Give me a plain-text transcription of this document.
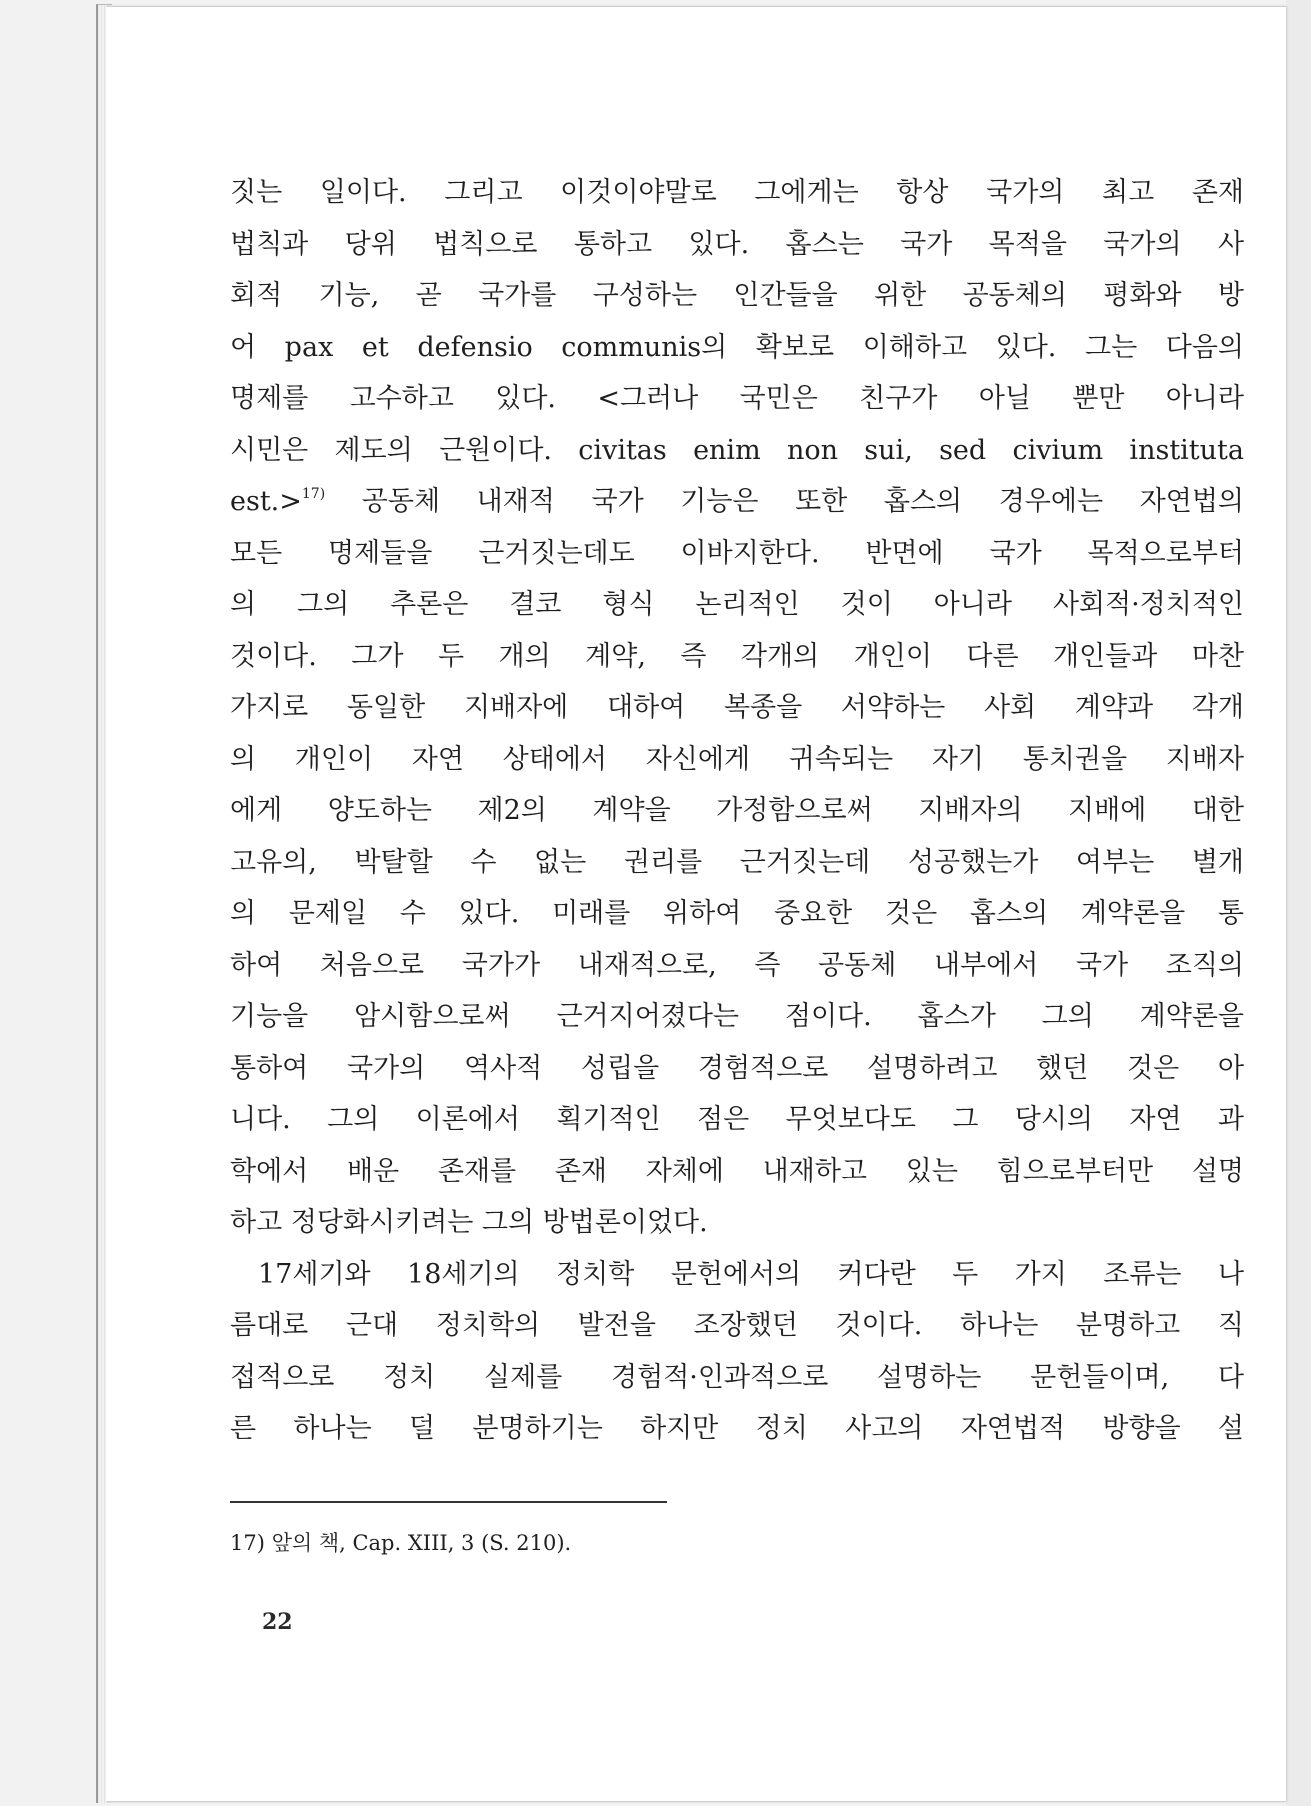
짓는 일이다. 그리고 이것이야말로 그에게는 항상 국가의 최고 존재
법칙과 당위 법칙으로 통하고 있다. 홉스는 국가 목적을 국가의 사
회적 기능, 곧 국가를 구성하는 인간들을 위한 공동체의 평화와 방
어 pax et defensio communis의 확보로 이해하고 있다. 그는 다음의
명제를 고수하고 있다. <그러나 국민은 친구가 아닐 뿐만 아니라
시민은 제도의 근원이다. civitas enim non sui, sed civium instituta
est.>$^{17)}$ 공동체 내재적 국가 기능은 또한 홉스의 경우에는 자연법의
모든 명제들을 근거짓는데도 이바지한다. 반면에 국가 목적으로부터
의 그의 추론은 결코 형식 논리적인 것이 아니라 사회적·정치적인
것이다. 그가 두 개의 계약, 즉 각개의 개인이 다른 개인들과 마찬
가지로 동일한 지배자에 대하여 복종을 서약하는 사회 계약과 각개
의 개인이 자연 상태에서 자신에게 귀속되는 자기 통치권을 지배자
에게 양도하는 제2의 계약을 가정함으로써 지배자의 지배에 대한
고유의, 박탈할 수 없는 권리를 근거짓는데 성공했는가 여부는 별개
의 문제일 수 있다. 미래를 위하여 중요한 것은 홉스의 계약론을 통
하여 처음으로 국가가 내재적으로, 즉 공동체 내부에서 국가 조직의
기능을 암시함으로써 근거지어졌다는 점이다. 홉스가 그의 계약론을
통하여 국가의 역사적 성립을 경험적으로 설명하려고 했던 것은 아
니다. 그의 이론에서 획기적인 점은 무엇보다도 그 당시의 자연 과
학에서 배운 존재를 존재 자체에 내재하고 있는 힘으로부터만 설명
하고 정당화시키려는 그의 방법론이었다.
17세기와 18세기의 정치학 문헌에서의 커다란 두 가지 조류는 나
름대로 근대 정치학의 발전을 조장했던 것이다. 하나는 분명하고 직
접적으로 정치 실제를 경험적·인과적으로 설명하는 문헌들이며, 다
른 하나는 덜 분명하기는 하지만 정치 사고의 자연법적 방향을 설
17) 앞의 책, Cap. XIII, 3 (S. 210).
22
